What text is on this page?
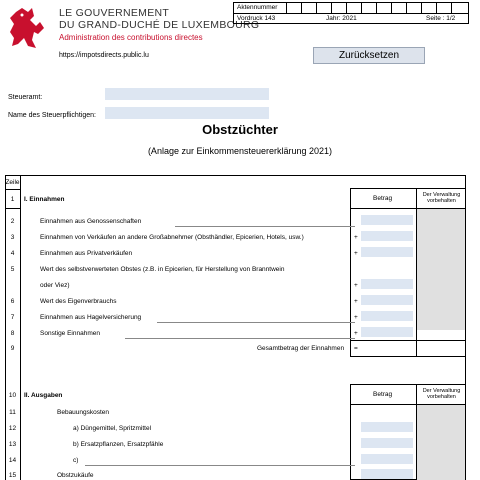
LE GOUVERNEMENT
DU GRAND-DUCHÉ DE LUXEMBOURG
Administration des contributions directes
https://impotsdirects.public.lu
Aktennummer
Vordruck 143	Jahr: 2021	Seite : 1/2
Zurücksetzen
Steueramt:
Name des Steuerpflichtigen:
Obstzüchter
(Anlage zur Einkommensteuererklärung 2021)
Zeile
Betrag	Der Verwaltung vorbehalten
1	I. Einnahmen
2	Einnahmen aus Genossenschaften
3	Einnahmen von Verkäufen an andere Großabnehmer (Obsthändler, Epicerien, Hotels, usw.)	+
4	Einnahmen aus Privatverkäufen	+
5	Wert des selbstverwerteten Obstes (z.B. in Epicerien, für Herstellung von Branntwein
oder Viez)	+
6	Wert des Eigenverbrauchs	+
7	Einnahmen aus Hagelversicherung	+
8	Sonstige Einnahmen	+
9	Gesamtbetrag der Einnahmen =
Betrag	Der Verwaltung vorbehalten
10	II. Ausgaben
11	Bebauungskosten
12	a) Düngemittel, Spritzmittel
13	b) Ersatzpflanzen, Ersatzpfähle
14	c)
15	Obstzukäufe
